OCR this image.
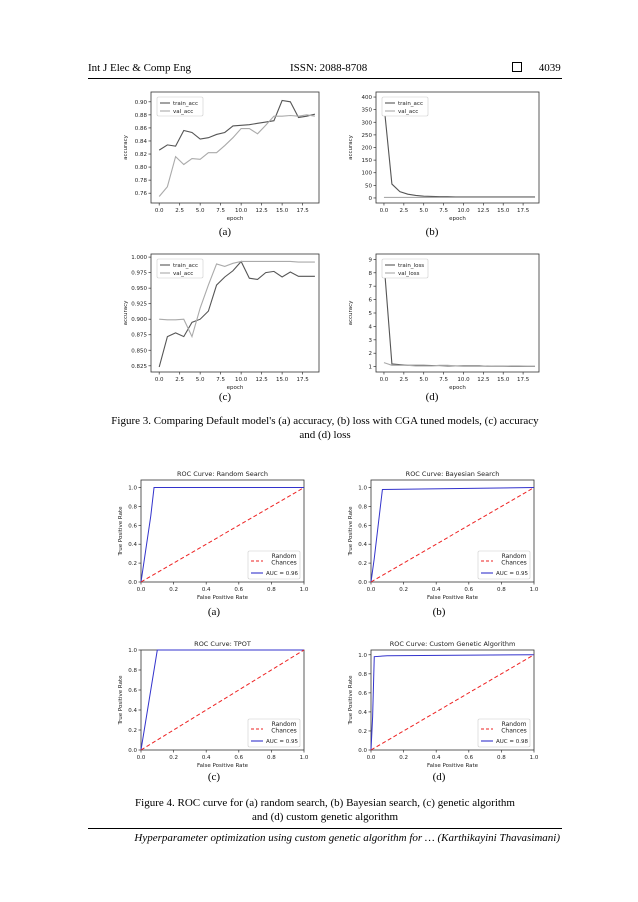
Int J Elec & Comp Eng	ISSN: 2088-8708	4039
0.0 2.5 5.0 7.5 10.0 12.5 15.0 17.5
0.76
0.78
0.80
0.82
0.84
0.86
0.88
0.90
epoch
accuracy
train_acc
val_acc
0.0 2.5 5.0 7.5 10.0 12.5 15.0 17.5
0
50
100
150
200
250
300
350
400
epoch
accuracy
train_acc
val_acc
0.0 2.5 5.0 7.5 10.0 12.5 15.0 17.5
0.825
0.850
0.875
0.900
0.925
0.950
0.975
1.000
epoch
accuracy
train_acc
val_acc
0.0 2.5 5.0 7.5 10.0 12.5 15.0 17.5
1
2
3
4
5
6
7
8
9
epoch
accuracy
train_loss
val_loss
(a)	(b)
(c)	(d)
Figure 3. Comparing Default model's (a) accuracy, (b) loss with CGA tuned models, (c) accuracy
and (d) loss
ROC Curve: Random Search
0.0	0.2	0.4	0.6	0.8	1.0
0.0
0.2
0.4
0.6
0.8
1.0
False Positive Rate
True Positive Rate
Random Chances
AUC = 0.96
ROC Curve: Bayesian Search
0.0	0.2	0.4	0.6	0.8	1.0
0.0
0.2
0.4
0.6
0.8
1.0
False Positive Rate
True Positive Rate
Random Chances
AUC = 0.95
ROC Curve: TPOT
0.0	0.2	0.4	0.6	0.8	1.0
0.0
0.2
0.4
0.6
0.8
1.0
False Positive Rate
True Positive Rate	Random Chances
AUC = 0.95
ROC Curve: Custom Genetic Algorithm
0.0	0.2	0.4	0.6	0.8	1.0
0.0
0.2
0.4
0.6
0.8
1.0
False Positive Rate
True Positive Rate	Random Chances
AUC = 0.98
(a)	(b)
(c)	(d)
Figure 4. ROC curve for (a) random search, (b) Bayesian search, (c) genetic algorithm
and (d) custom genetic algorithm
Hyperparameter optimization using custom genetic algorithm for … (Karthikayini Thavasimani)
